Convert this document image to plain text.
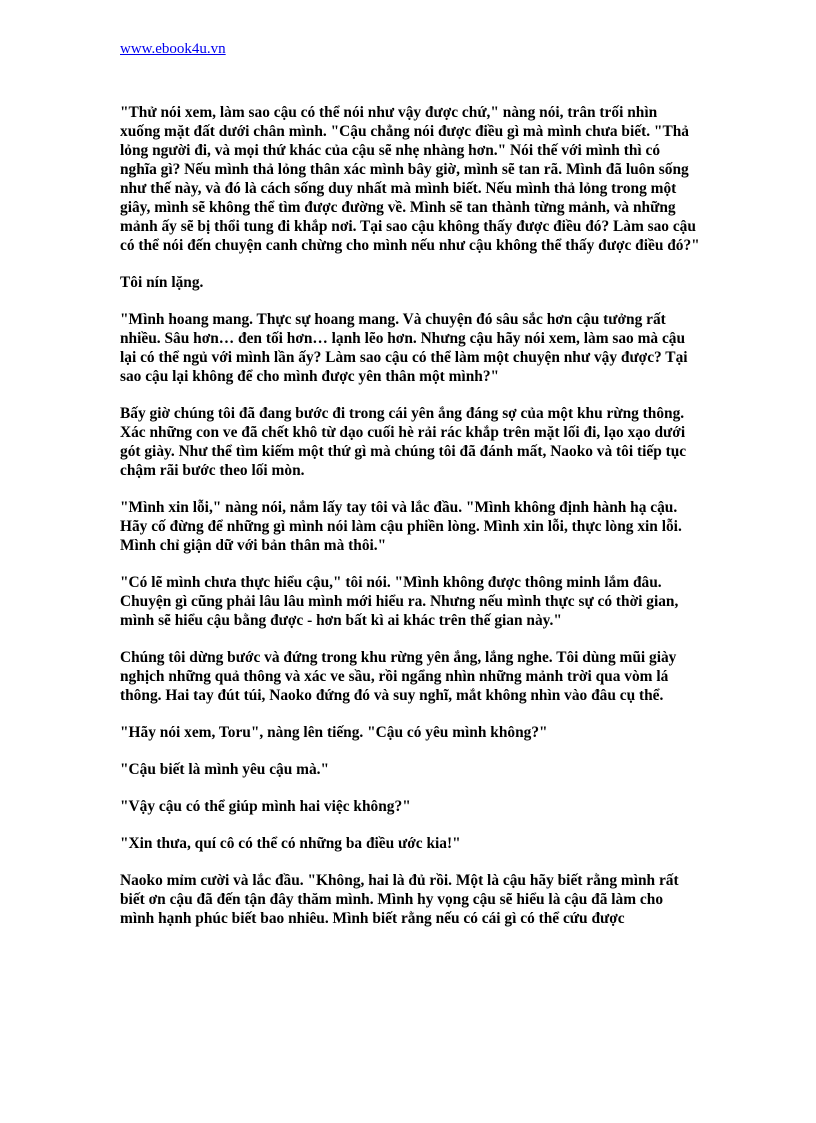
www.ebook4u.vn

"Thử nói xem, làm sao cậu có thể nói như vậy được chứ," nàng nói, trân trối nhìn xuống mặt đất dưới chân mình. "Cậu chẳng nói được điều gì mà mình chưa biết. "Thả lỏng người đi, và mọi thứ khác của cậu sẽ nhẹ nhàng hơn." Nói thế với mình thì có nghĩa gì? Nếu mình thả lỏng thân xác mình bây giờ, mình sẽ tan rã. Mình đã luôn sống như thế này, và đó là cách sống duy nhất mà mình biết. Nếu mình thả lỏng trong một giây, mình sẽ không thể tìm được đường về. Mình sẽ tan thành từng mảnh, và những mảnh ấy sẽ bị thổi tung đi khắp nơi. Tại sao cậu không thấy được điều đó? Làm sao cậu có thể nói đến chuyện canh chừng cho mình nếu như cậu không thể thấy được điều đó?"

Tôi nín lặng.

"Mình hoang mang. Thực sự hoang mang. Và chuyện đó sâu sắc hơn cậu tưởng rất nhiều. Sâu hơn… đen tối hơn… lạnh lẽo hơn. Nhưng cậu hãy nói xem, làm sao mà cậu lại có thể ngủ với mình lần ấy? Làm sao cậu có thể làm một chuyện như vậy được? Tại sao cậu lại không để cho mình được yên thân một mình?"

Bấy giờ chúng tôi đã đang bước đi trong cái yên ắng đáng sợ của một khu rừng thông. Xác những con ve đã chết khô từ dạo cuối hè rải rác khắp trên mặt lối đi, lạo xạo dưới gót giày. Như thể tìm kiếm một thứ gì mà chúng tôi đã đánh mất, Naoko và tôi tiếp tục chậm rãi bước theo lối mòn.

"Mình xin lỗi," nàng nói, nắm lấy tay tôi và lắc đầu. "Mình không định hành hạ cậu. Hãy cố đừng để những gì mình nói làm cậu phiền lòng. Mình xin lỗi, thực lòng xin lỗi. Mình chỉ giận dữ với bản thân mà thôi."

"Có lẽ mình chưa thực hiểu cậu," tôi nói. "Mình không được thông minh lắm đâu. Chuyện gì cũng phải lâu lâu mình mới hiểu ra. Nhưng nếu mình thực sự có thời gian, mình sẽ hiểu cậu bằng được - hơn bất kì ai khác trên thế gian này."

Chúng tôi dừng bước và đứng trong khu rừng yên ắng, lắng nghe. Tôi dùng mũi giày nghịch những quả thông và xác ve sầu, rồi ngẩng nhìn những mảnh trời qua vòm lá thông. Hai tay đút túi, Naoko đứng đó và suy nghĩ, mắt không nhìn vào đâu cụ thể.

"Hãy nói xem, Toru", nàng lên tiếng. "Cậu có yêu mình không?"

"Cậu biết là mình yêu cậu mà."

"Vậy cậu có thể giúp mình hai việc không?"

"Xin thưa, quí cô có thể có những ba điều ước kia!"

Naoko mỉm cười và lắc đầu. "Không, hai là đủ rồi. Một là cậu hãy biết rằng mình rất biết ơn cậu đã đến tận đây thăm mình. Mình hy vọng cậu sẽ hiểu là cậu đã làm cho mình hạnh phúc biết bao nhiêu. Mình biết rằng nếu có cái gì có thể cứu được
